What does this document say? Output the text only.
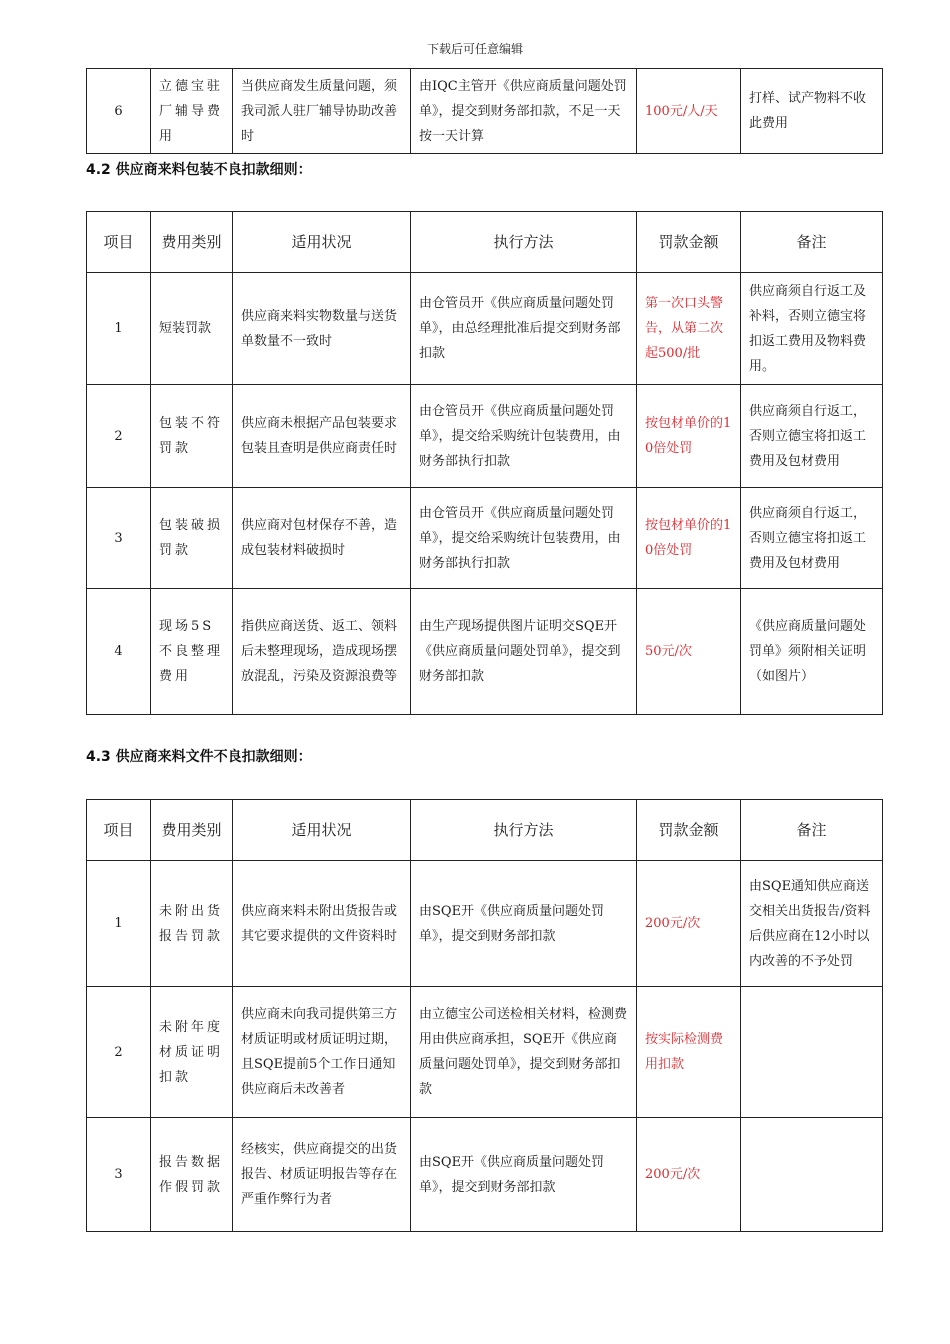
下载后可任意编辑
6	立德宝驻厂辅导费用	当供应商发生质量问题，须我司派人驻厂辅导协助改善时	由IQC主管开《供应商质量问题处罚单》，提交到财务部扣款，不足一天按一天计算	100元/人/天	打样、试产物料不收此费用
4.2 供应商来料包装不良扣款细则：
项目	费用类别	适用状况	执行方法	罚款金额	备注
1	短装罚款	供应商来料实物数量与送货单数量不一致时	由仓管员开《供应商质量问题处罚单》，由总经理批准后提交到财务部扣款	第一次口头警告，从第二次起500/批	供应商须自行返工及补料，否则立德宝将扣返工费用及物料费用。
2	包装不符罚款	供应商未根据产品包装要求包装且查明是供应商责任时	由仓管员开《供应商质量问题处罚单》，提交给采购统计包装费用，由财务部执行扣款	按包材单价的10倍处罚	供应商须自行返工，否则立德宝将扣返工费用及包材费用
3	包装破损罚款	供应商对包材保存不善，造成包装材料破损时	由仓管员开《供应商质量问题处罚单》，提交给采购统计包装费用，由财务部执行扣款	按包材单价的10倍处罚	供应商须自行返工，否则立德宝将扣返工费用及包材费用
4	现场5S不良整理费用	指供应商送货、返工、领料后未整理现场，造成现场摆放混乱，污染及资源浪费等	由生产现场提供图片证明交SQE开《供应商质量问题处罚单》，提交到财务部扣款	50元/次	《供应商质量问题处罚单》须附相关证明（如图片）
4.3 供应商来料文件不良扣款细则：
项目	费用类别	适用状况	执行方法	罚款金额	备注
1	未附出货报告罚款	供应商来料未附出货报告或其它要求提供的文件资料时	由SQE开《供应商质量问题处罚单》，提交到财务部扣款	200元/次	由SQE通知供应商送交相关出货报告/资料后供应商在12小时以内改善的不予处罚
2	未附年度材质证明扣款	供应商未向我司提供第三方材质证明或材质证明过期，且SQE提前5个工作日通知供应商后未改善者	由立德宝公司送检相关材料，检测费用由供应商承担，SQE开《供应商质量问题处罚单》，提交到财务部扣款	按实际检测费用扣款	
3	报告数据作假罚款	经核实，供应商提交的出货报告、材质证明报告等存在严重作弊行为者	由SQE开《供应商质量问题处罚单》，提交到财务部扣款	200元/次	
